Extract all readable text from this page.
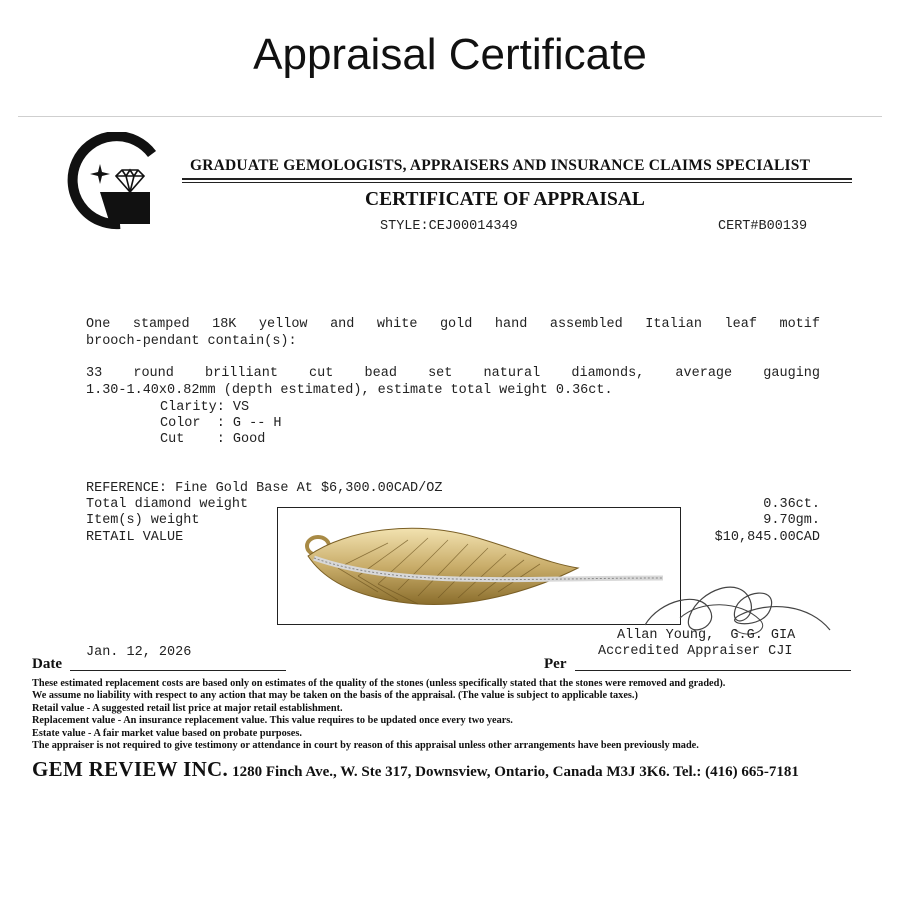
Appraisal Certificate
GRADUATE GEMOLOGISTS, APPRAISERS AND INSURANCE CLAIMS SPECIALIST
CERTIFICATE OF APPRAISAL
STYLE:CEJ00014349	CERT#B00139
One stamped 18K yellow and white gold hand assembled Italian leaf motif
brooch-pendant contain(s):
33 round brilliant cut bead set natural diamonds, average gauging
1.30-1.40x0.82mm (depth estimated), estimate total weight 0.36ct.
Clarity: VS
Color  : G -- H
Cut    : Good
REFERENCE: Fine Gold Base At $6,300.00CAD/OZ
Total diamond weight	0.36ct.
Item(s) weight	9.70gm.
RETAIL VALUE	$10,845.00CAD
Jan. 12, 2026
Date
Allan Young,  G.G. GIA
Accredited Appraiser CJI
Per
These estimated replacement costs are based only on estimates of the quality of the stones (unless specifically stated that the stones were removed and graded).
We assume no liability with respect to any action that may be taken on the basis of the appraisal. (The value is subject to applicable taxes.)
Retail value - A suggested retail list price at major retail establishment.
Replacement value - An insurance replacement value. This value requires to be updated once every two years.
Estate value - A fair market value based on probate purposes.
The appraiser is not required to give testimony or attendance in court by reason of this appraisal unless other arrangements have been previously made.
GEM REVIEW INC. 1280 Finch Ave., W. Ste 317, Downsview, Ontario, Canada M3J 3K6. Tel.: (416) 665-7181
